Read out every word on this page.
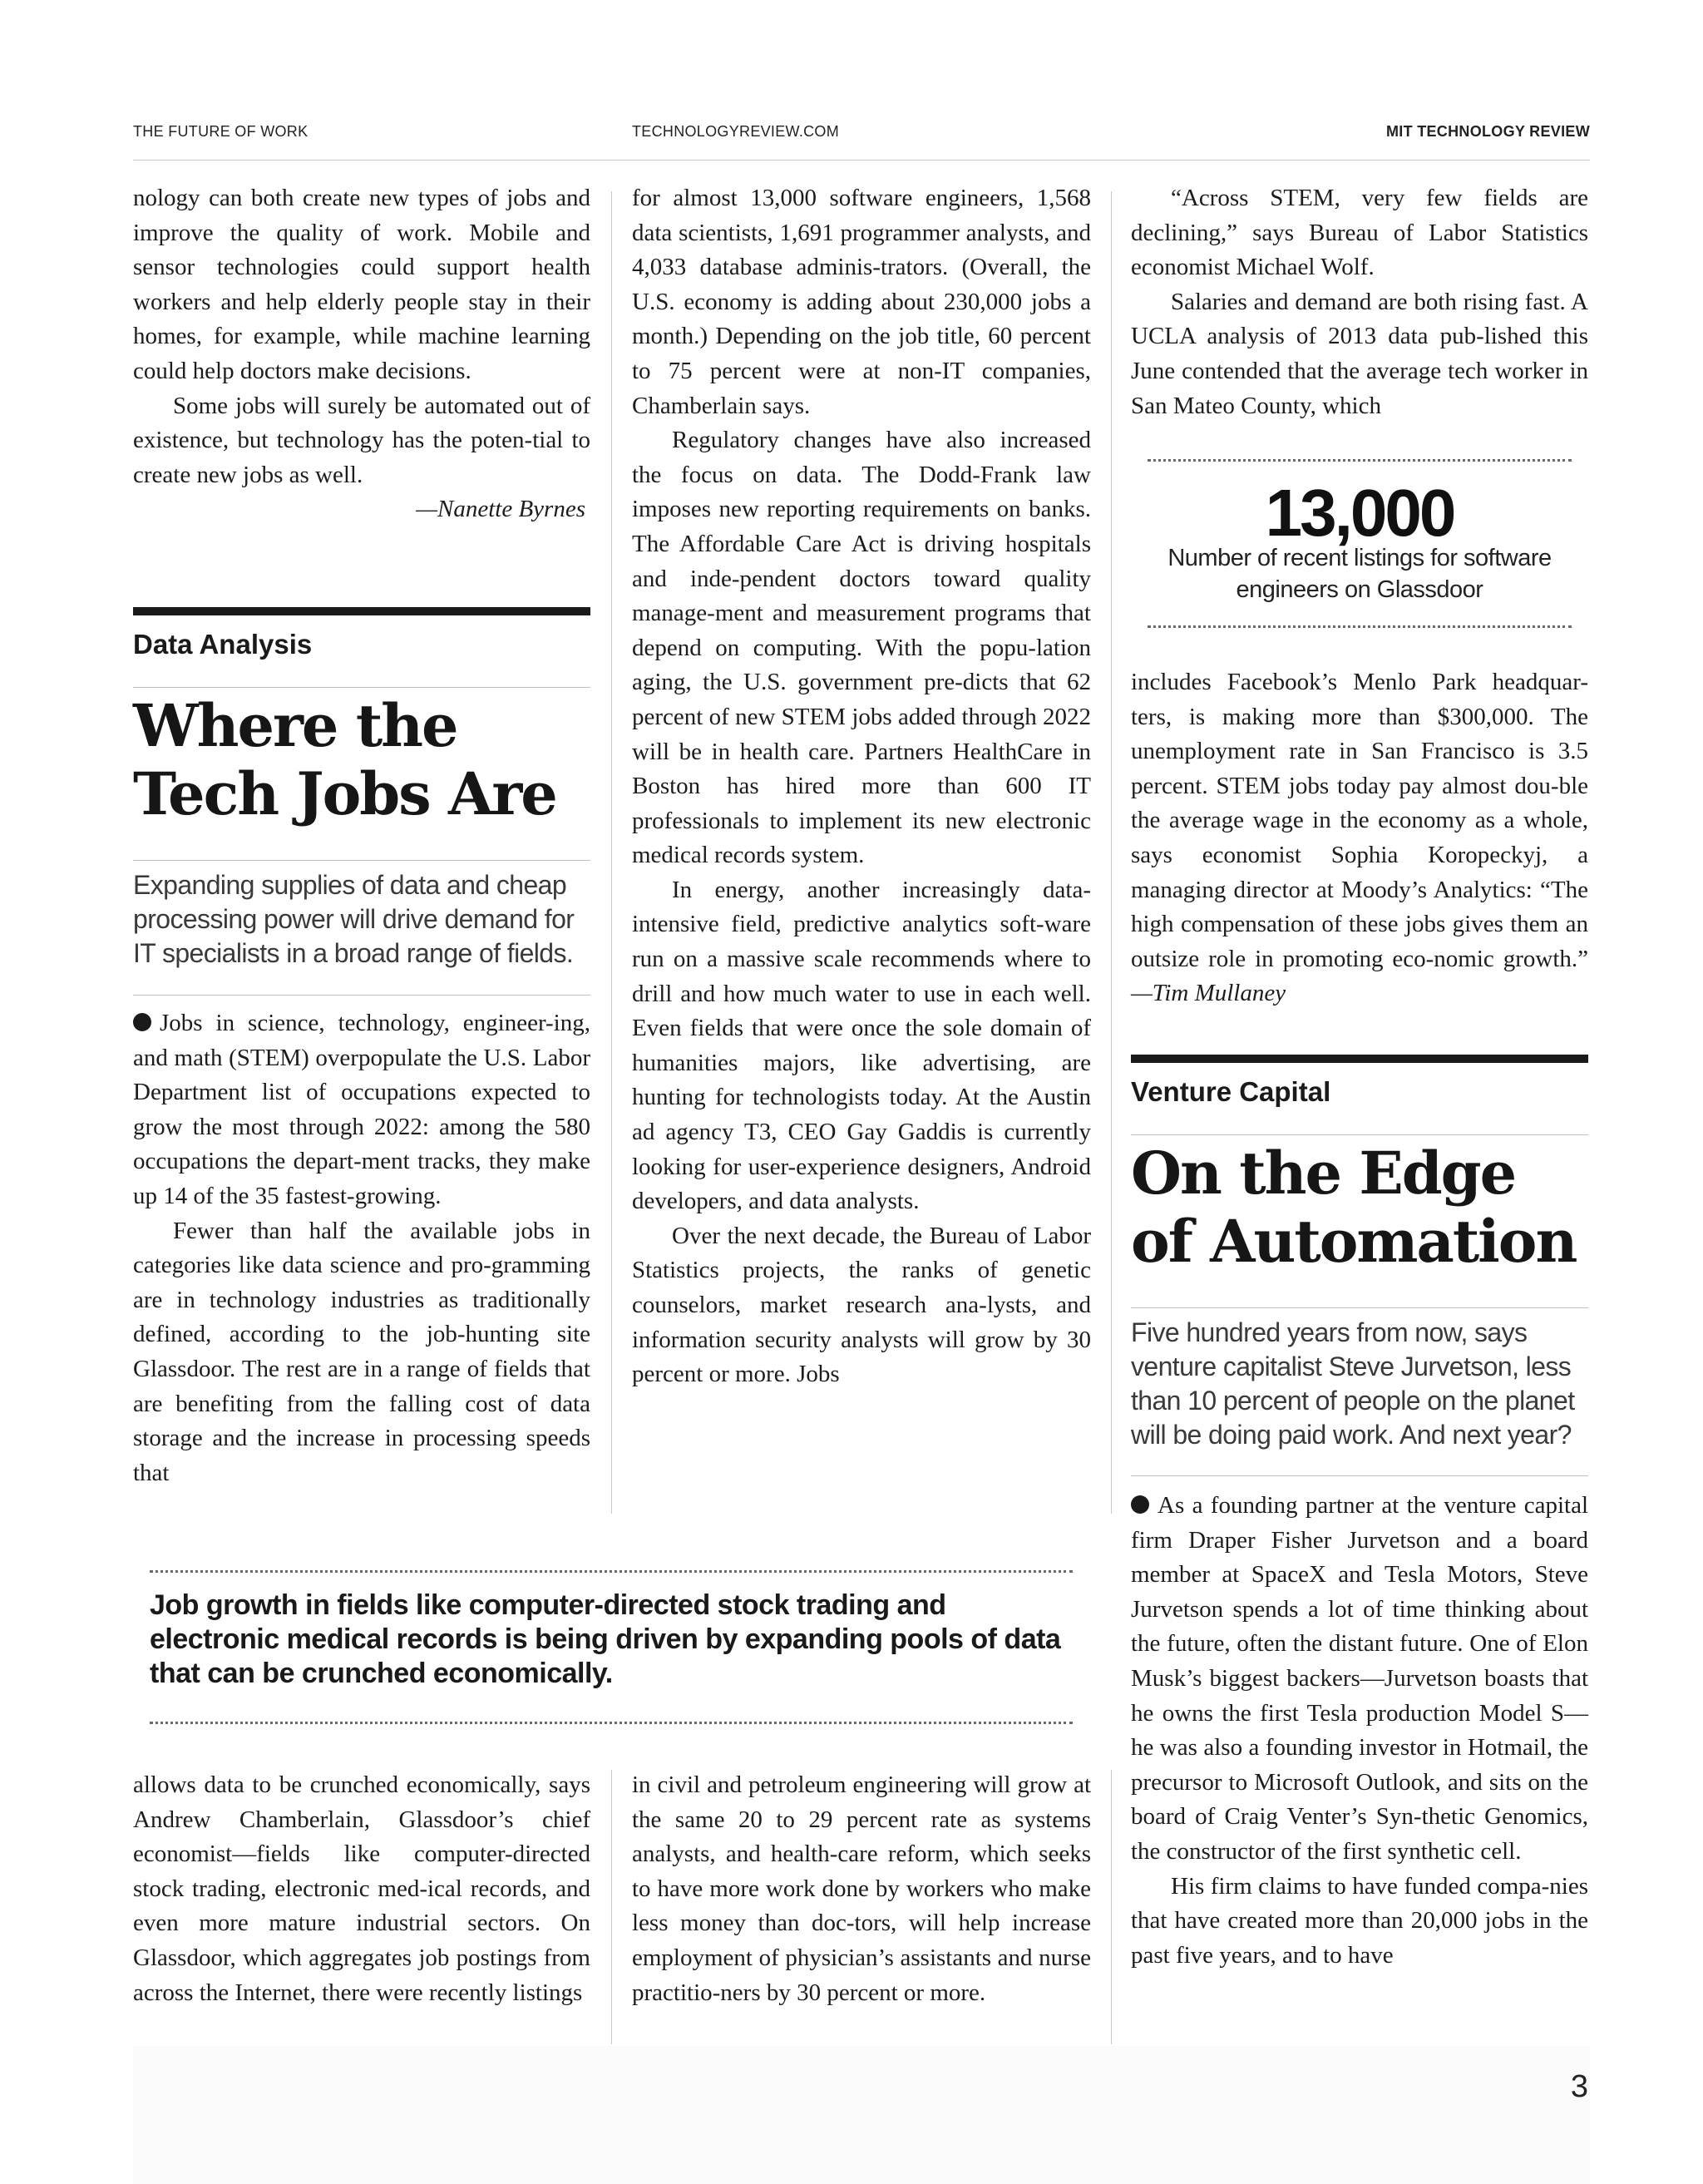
THE FUTURE OF WORK	TECHNOLOGYREVIEW.COM	MIT TECHNOLOGY REVIEW

nology can both create new types of jobs and improve the quality of work. Mobile and sensor technologies could support health workers and help elderly people stay in their homes, for example, while machine learning could help doctors make decisions.

Some jobs will surely be automated out of existence, but technology has the poten-tial to create new jobs as well.

—Nanette Byrnes

Data Analysis
Where the
Tech Jobs Are
Expanding supplies of data and cheap processing power will drive demand for IT specialists in a broad range of fields.

Jobs in science, technology, engineer-ing, and math (STEM) overpopulate the U.S. Labor Department list of occupations expected to grow the most through 2022: among the 580 occupations the depart-ment tracks, they make up 14 of the 35 fastest-growing.

Fewer than half the available jobs in categories like data science and pro-gramming are in technology industries as traditionally defined, according to the job-hunting site Glassdoor. The rest are in a range of fields that are benefiting from the falling cost of data storage and the increase in processing speeds that

allows data to be crunched economically, says Andrew Chamberlain, Glassdoor’s chief economist—fields like computer-directed stock trading, electronic med-ical records, and even more mature industrial sectors. On Glassdoor, which aggregates job postings from across the Internet, there were recently listings

for almost 13,000 software engineers, 1,568 data scientists, 1,691 programmer analysts, and 4,033 database adminis-trators. (Overall, the U.S. economy is adding about 230,000 jobs a month.) Depending on the job title, 60 percent to 75 percent were at non-IT companies, Chamberlain says.

Regulatory changes have also increased the focus on data. The Dodd-Frank law imposes new reporting requirements on banks. The Affordable Care Act is driving hospitals and inde-pendent doctors toward quality manage-ment and measurement programs that depend on computing. With the popu-lation aging, the U.S. government pre-dicts that 62 percent of new STEM jobs added through 2022 will be in health care. Partners HealthCare in Boston has hired more than 600 IT professionals to implement its new electronic medical records system.

In energy, another increasingly data-intensive field, predictive analytics soft-ware run on a massive scale recommends where to drill and how much water to use in each well. Even fields that were once the sole domain of humanities majors, like advertising, are hunting for technologists today. At the Austin ad agency T3, CEO Gay Gaddis is currently looking for user-experience designers, Android developers, and data analysts.

Over the next decade, the Bureau of Labor Statistics projects, the ranks of genetic counselors, market research ana-lysts, and information security analysts will grow by 30 percent or more. Jobs

in civil and petroleum engineering will grow at the same 20 to 29 percent rate as systems analysts, and health-care reform, which seeks to have more work done by workers who make less money than doc-tors, will help increase employment of physician’s assistants and nurse practitio-ners by 30 percent or more.

Job growth in fields like computer-directed stock trading and electronic medical records is being driven by expanding pools of data that can be crunched economically.

“Across STEM, very few fields are declining,” says Bureau of Labor Statistics economist Michael Wolf.

Salaries and demand are both rising fast. A UCLA analysis of 2013 data pub-lished this June contended that the average tech worker in San Mateo County, which

13,000
Number of recent listings for software engineers on Glassdoor

includes Facebook’s Menlo Park headquar-ters, is making more than $300,000. The unemployment rate in San Francisco is 3.5 percent. STEM jobs today pay almost dou-ble the average wage in the economy as a whole, says economist Sophia Koropeckyj, a managing director at Moody’s Analytics: “The high compensation of these jobs gives them an outsize role in promoting eco-nomic growth.” —Tim Mullaney

Venture Capital
On the Edge
of Automation
Five hundred years from now, says venture capitalist Steve Jurvetson, less than 10 percent of people on the planet will be doing paid work. And next year?

As a founding partner at the venture capital firm Draper Fisher Jurvetson and a board member at SpaceX and Tesla Motors, Steve Jurvetson spends a lot of time thinking about the future, often the distant future. One of Elon Musk’s biggest backers—Jurvetson boasts that he owns the first Tesla production Model S—he was also a founding investor in Hotmail, the precursor to Microsoft Outlook, and sits on the board of Craig Venter’s Syn-thetic Genomics, the constructor of the first synthetic cell.

His firm claims to have funded compa-nies that have created more than 20,000 jobs in the past five years, and to have

3
